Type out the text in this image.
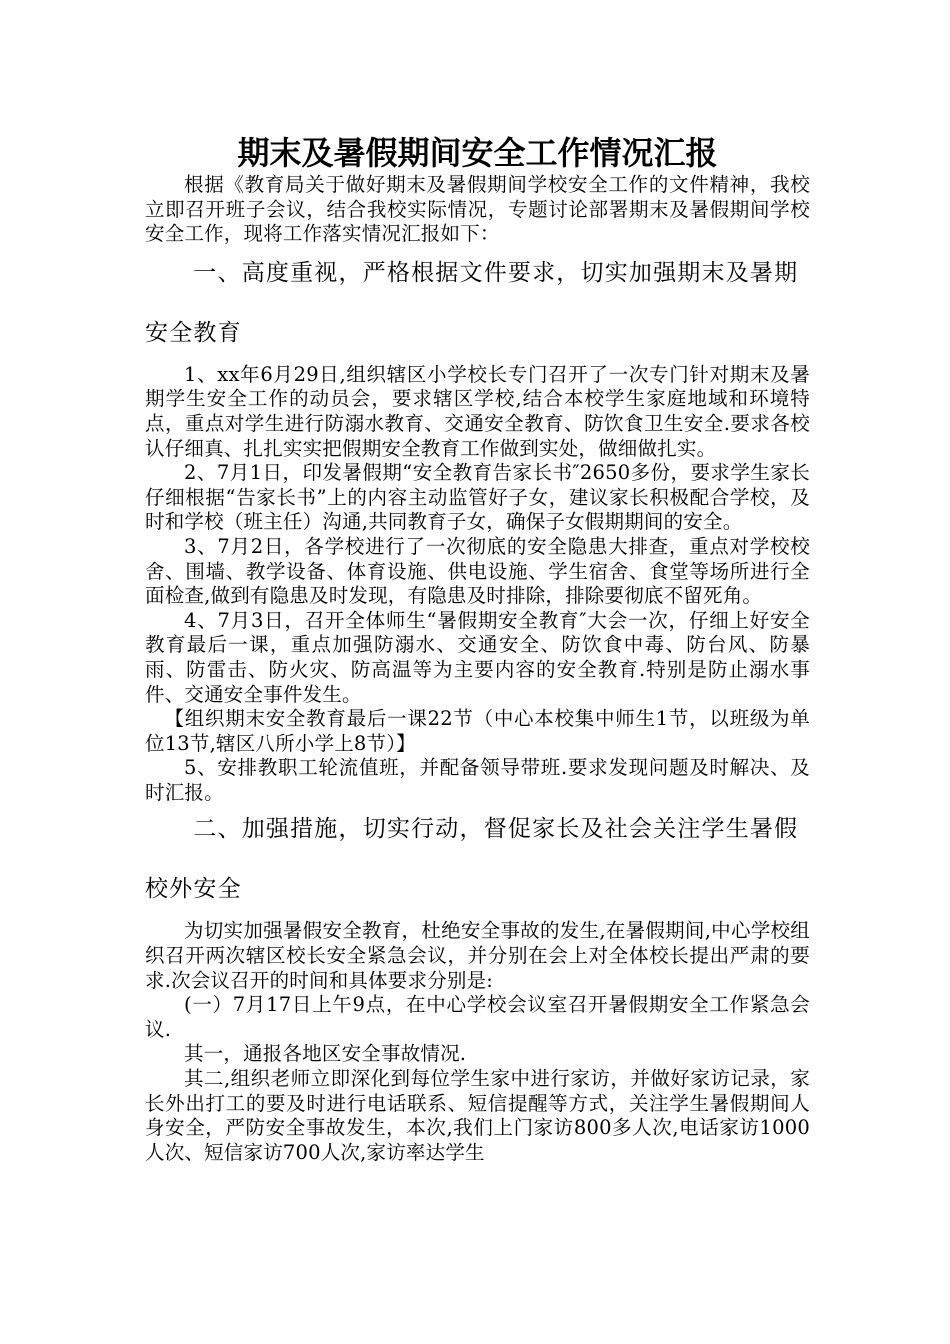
期末及暑假期间安全工作情况汇报

根据《教育局关于做好期末及暑假期间学校安全工作的文件精神，我校立即召开班子会议，结合我校实际情况，专题讨论部署期末及暑假期间学校安全工作，现将工作落实情况汇报如下：

一、高度重视，严格根据文件要求，切实加强期末及暑期安全教育

1、xx年6月29日,组织辖区小学校长专门召开了一次专门针对期末及暑期学生安全工作的动员会，要求辖区学校,结合本校学生家庭地域和环境特点，重点对学生进行防溺水教育、交通安全教育、防饮食卫生安全.要求各校认仔细真、扎扎实实把假期安全教育工作做到实处，做细做扎实。

2、7月1日，印发暑假期“安全教育告家长书″2650多份，要求学生家长仔细根据“告家长书”上的内容主动监管好子女，建议家长积极配合学校，及时和学校（班主任）沟通,共同教育子女，确保子女假期期间的安全。

3、7月2日，各学校进行了一次彻底的安全隐患大排查，重点对学校校舍、围墙、教学设备、体育设施、供电设施、学生宿舍、食堂等场所进行全面检查,做到有隐患及时发现，有隐患及时排除，排除要彻底不留死角。

4、7月3日，召开全体师生“暑假期安全教育″大会一次，仔细上好安全教育最后一课，重点加强防溺水、交通安全、防饮食中毒、防台风、防暴雨、防雷击、防火灾、防高温等为主要内容的安全教育.特别是防止溺水事件、交通安全事件发生。

【组织期末安全教育最后一课22节（中心本校集中师生1节，以班级为单位13节,辖区八所小学上8节）】

5、安排教职工轮流值班，并配备领导带班.要求发现问题及时解决、及时汇报。

二、加强措施，切实行动，督促家长及社会关注学生暑假校外安全

为切实加强暑假安全教育，杜绝安全事故的发生,在暑假期间,中心学校组织召开两次辖区校长安全紧急会议，并分别在会上对全体校长提出严肃的要求.次会议召开的时间和具体要求分别是:

(一）7月17日上午9点，在中心学校会议室召开暑假期安全工作紧急会议.

其一，通报各地区安全事故情况.

其二,组织老师立即深化到每位学生家中进行家访，并做好家访记录，家长外出打工的要及时进行电话联系、短信提醒等方式，关注学生暑假期间人身安全，严防安全事故发生，本次,我们上门家访800多人次,电话家访1000人次、短信家访700人次,家访率达学生
